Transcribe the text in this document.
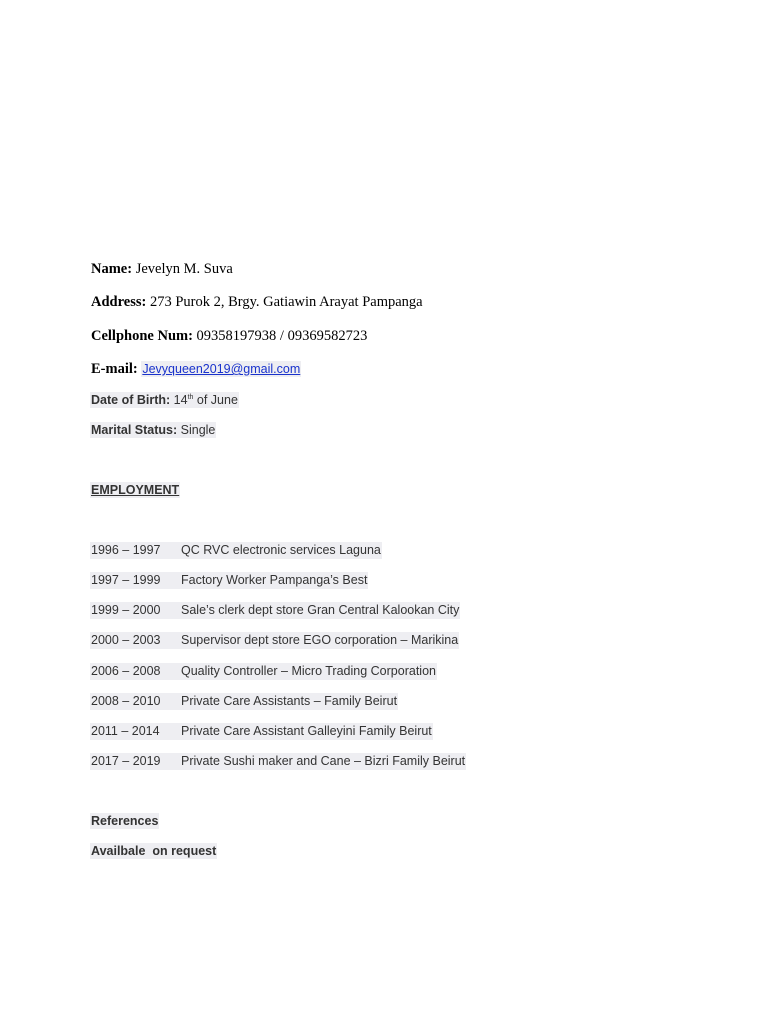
Name: Jevelyn M. Suva
Address: 273 Purok 2, Brgy. Gatiawin Arayat Pampanga
Cellphone Num: 09358197938 / 09369582723
E-mail: Jevyqueen2019@gmail.com
Date of Birth: 14th of June
Marital Status: Single
EMPLOYMENT
1996 – 1997 QC RVC electronic services Laguna
1997 – 1999 Factory Worker Pampanga’s Best
1999 – 2000 Sale’s clerk dept store Gran Central Kalookan City
2000 – 2003 Supervisor dept store EGO corporation – Marikina
2006 – 2008 Quality Controller – Micro Trading Corporation
2008 – 2010 Private Care Assistants – Family Beirut
2011 – 2014 Private Care Assistant Galleyini Family Beirut
2017 – 2019 Private Sushi maker and Cane – Bizri Family Beirut
References
Availbale  on request
